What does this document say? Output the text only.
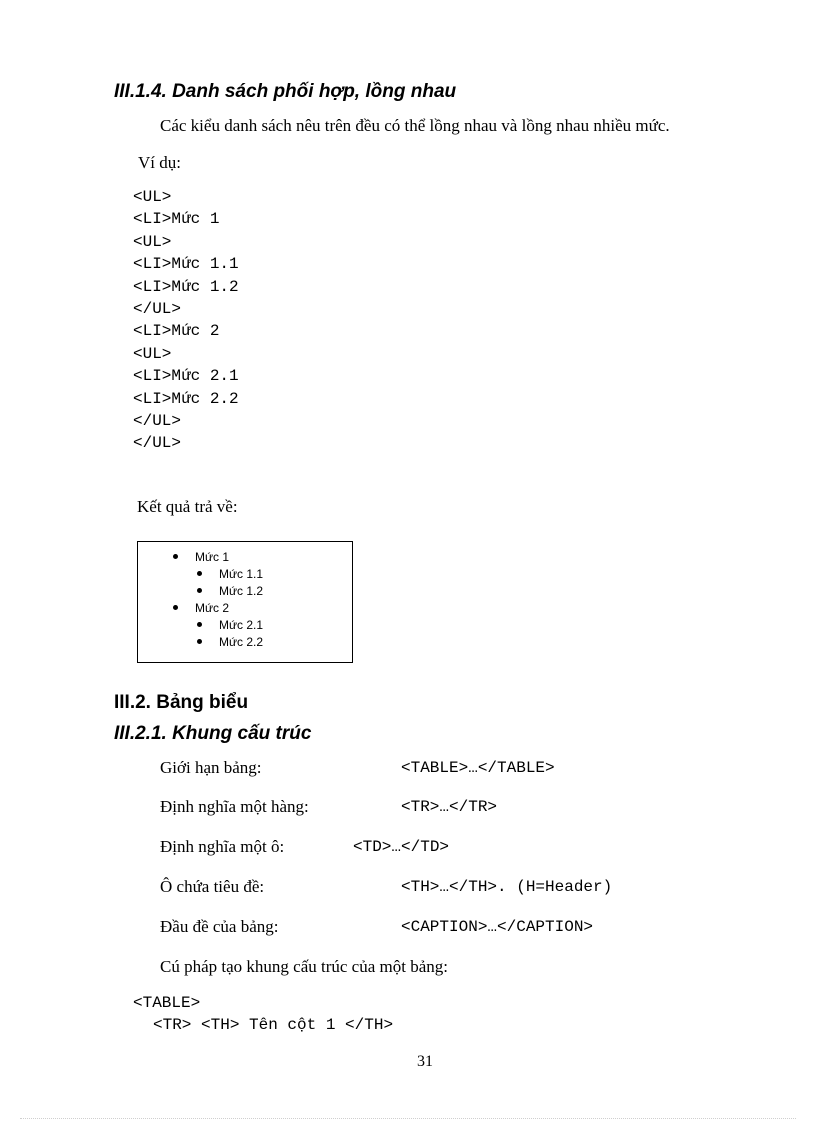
III.1.4. Danh sách phối hợp, lồng nhau
Các kiểu danh sách nêu trên đều có thể lồng nhau và lồng nhau nhiều mức.
Ví dụ:
<UL>
<LI>Mức 1
<UL>
<LI>Mức 1.1
<LI>Mức 1.2
</UL>
<LI>Mức 2
<UL>
<LI>Mức 2.1
<LI>Mức 2.2
</UL>
</UL>
Kết quả trả về:
Mức 1
Mức 1.1
Mức 1.2
Mức 2
Mức 2.1
Mức 2.2
III.2. Bảng biểu
III.2.1. Khung cấu trúc
Giới hạn bảng:	<TABLE>…</TABLE>
Định nghĩa một hàng:	<TR>…</TR>
Định nghĩa một ô:	<TD>…</TD>
Ô chứa tiêu đề:	<TH>…</TH>. (H=Header)
Đầu đề của bảng:	<CAPTION>…</CAPTION>
Cú pháp tạo khung cấu trúc của một bảng:
<TABLE>
<TR> <TH> Tên cột 1 </TH>
31
